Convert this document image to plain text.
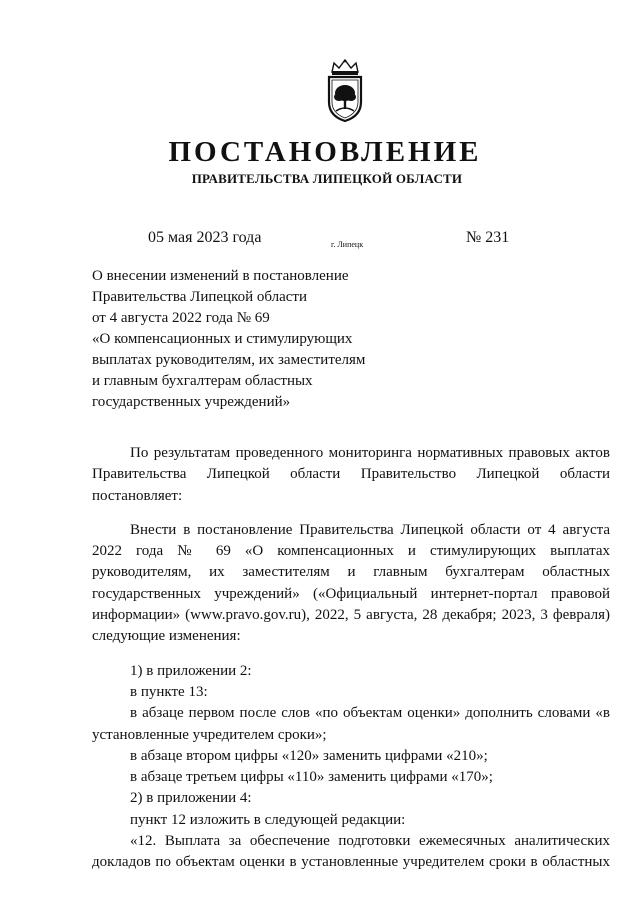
ПОСТАНОВЛЕНИЕ
ПРАВИТЕЛЬСТВА ЛИПЕЦКОЙ ОБЛАСТИ
05 мая 2023 года	г. Липецк	№ 231
О внесении изменений в постановление
Правительства Липецкой области
от 4 августа 2022 года № 69
«О компенсационных и стимулирующих
выплатах руководителям, их заместителям
и главным бухгалтерам областных
государственных учреждений»

По результатам проведенного мониторинга нормативных правовых актов

Правительства Липецкой области Правительство Липецкой области

постановляет:

Внести в постановление Правительства Липецкой области от 4 августа

2022 года № 69 «О компенсационных и стимулирующих выплатах

руководителям, их заместителям и главным бухгалтерам областных

государственных учреждений» («Официальный интернет-портал правовой

информации» (www.pravo.gov.ru), 2022, 5 августа, 28 декабря; 2023, 3 февраля)

следующие изменения:

1) в приложении 2:

в пункте 13:

в абзаце первом после слов «по объектам оценки» дополнить словами «в

установленные учредителем сроки»;

в абзаце втором цифры «120» заменить цифрами «210»;

в абзаце третьем цифры «110» заменить цифрами «170»;

2) в приложении 4:

пункт 12 изложить в следующей редакции:

«12. Выплата за обеспечение подготовки ежемесячных аналитических

докладов по объектам оценки в установленные учредителем сроки в областных
